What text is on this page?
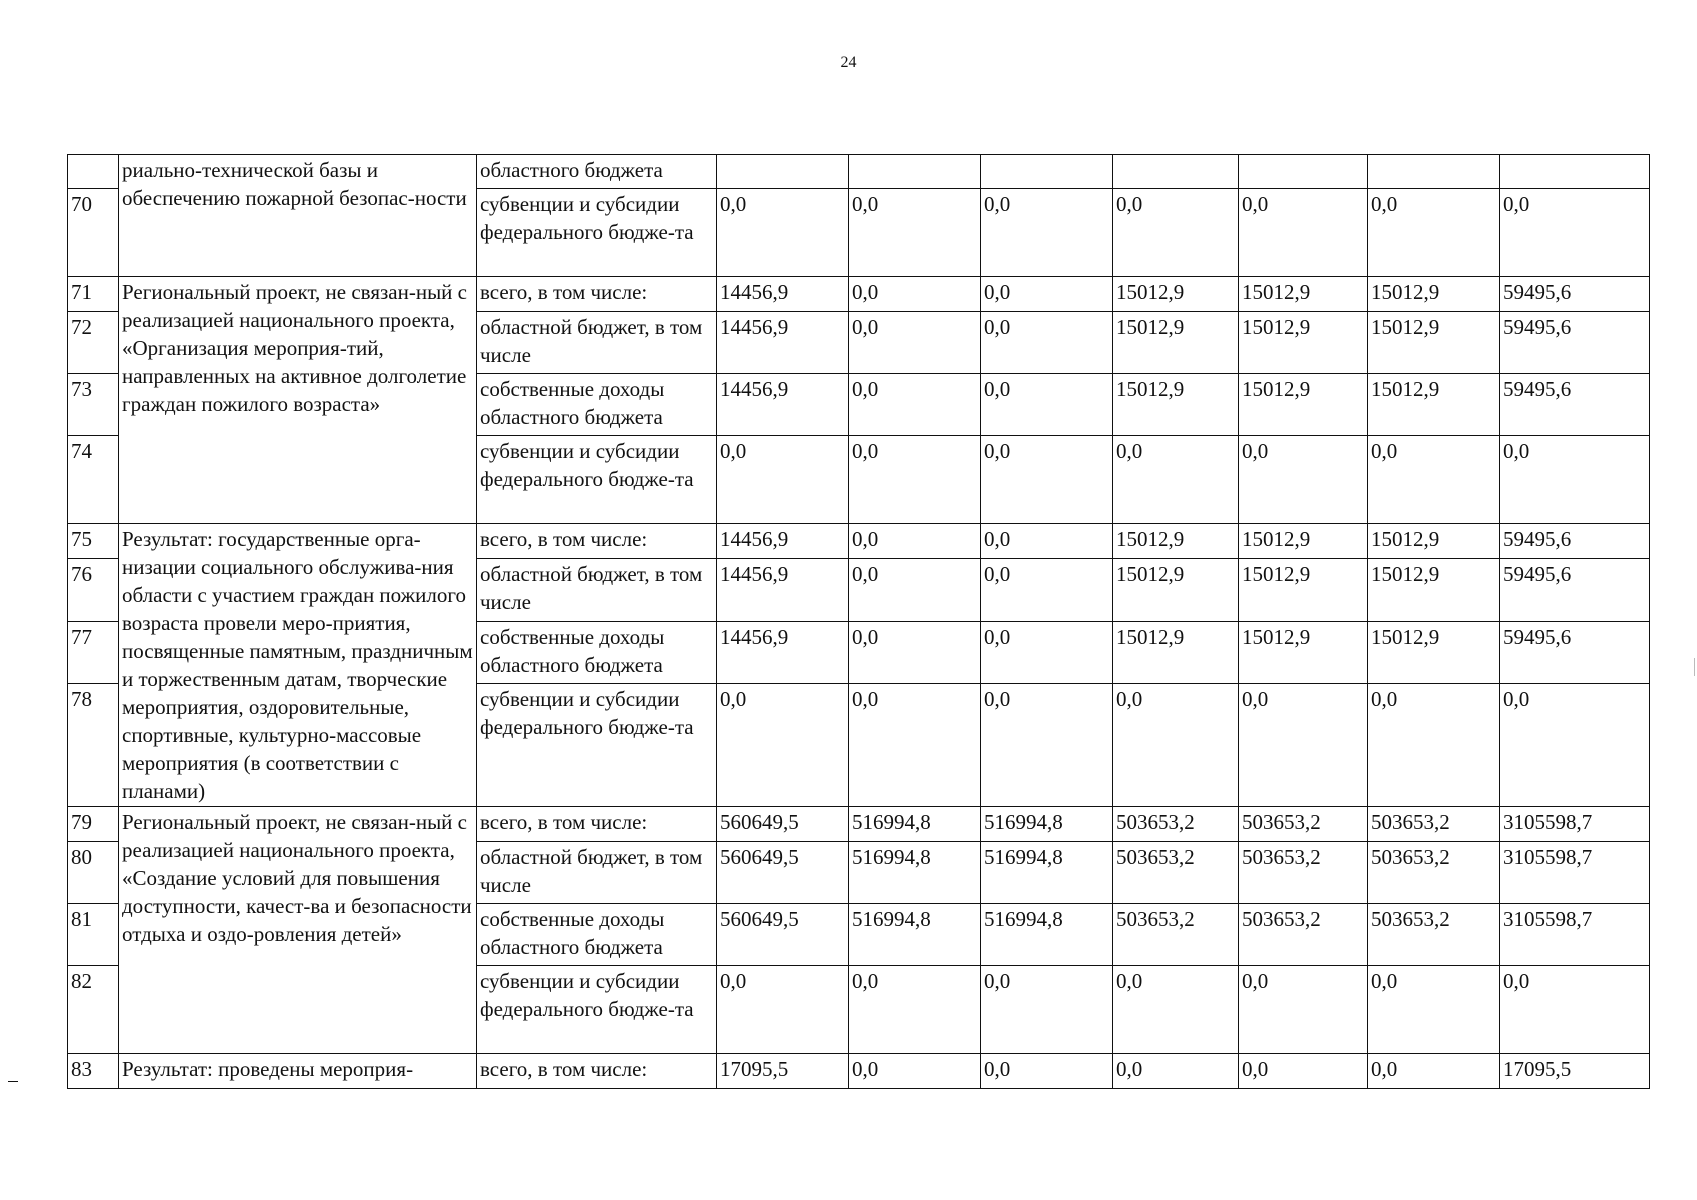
24
	риально-технической базы и обеспечению пожарной безопас-ности	областного бюджета							
70		субвенции и субсидии федерального бюдже-та	0,0	0,0	0,0	0,0	0,0	0,0	0,0
71	Региональный проект, не связан-ный с реализацией национального проекта, «Организация мероприя-тий, направленных на активное долголетие граждан пожилого возраста»	всего, в том числе:	14456,9	0,0	0,0	15012,9	15012,9	15012,9	59495,6
72		областной бюджет, в том числе	14456,9	0,0	0,0	15012,9	15012,9	15012,9	59495,6
73		собственные доходы областного бюджета	14456,9	0,0	0,0	15012,9	15012,9	15012,9	59495,6
74		субвенции и субсидии федерального бюдже-та	0,0	0,0	0,0	0,0	0,0	0,0	0,0
75	Результат: государственные орга-низации социального обслужива-ния области с участием граждан пожилого возраста провели меро-приятия, посвященные памятным, праздничным и торжественным датам, творческие мероприятия, оздоровительные, спортивные, культурно-массовые мероприятия (в соответствии с планами)	всего, в том числе:	14456,9	0,0	0,0	15012,9	15012,9	15012,9	59495,6
76		областной бюджет, в том числе	14456,9	0,0	0,0	15012,9	15012,9	15012,9	59495,6
77		собственные доходы областного бюджета	14456,9	0,0	0,0	15012,9	15012,9	15012,9	59495,6
78		субвенции и субсидии федерального бюдже-та	0,0	0,0	0,0	0,0	0,0	0,0	0,0
79	Региональный проект, не связан-ный с реализацией национального проекта, «Создание условий для повышения доступности, качест-ва и безопасности отдыха и оздо-ровления детей»	всего, в том числе:	560649,5	516994,8	516994,8	503653,2	503653,2	503653,2	3105598,7
80		областной бюджет, в том числе	560649,5	516994,8	516994,8	503653,2	503653,2	503653,2	3105598,7
81		собственные доходы областного бюджета	560649,5	516994,8	516994,8	503653,2	503653,2	503653,2	3105598,7
82		субвенции и субсидии федерального бюдже-та	0,0	0,0	0,0	0,0	0,0	0,0	0,0
83	Результат: проведены мероприя-	всего, в том числе:	17095,5	0,0	0,0	0,0	0,0	0,0	17095,5
